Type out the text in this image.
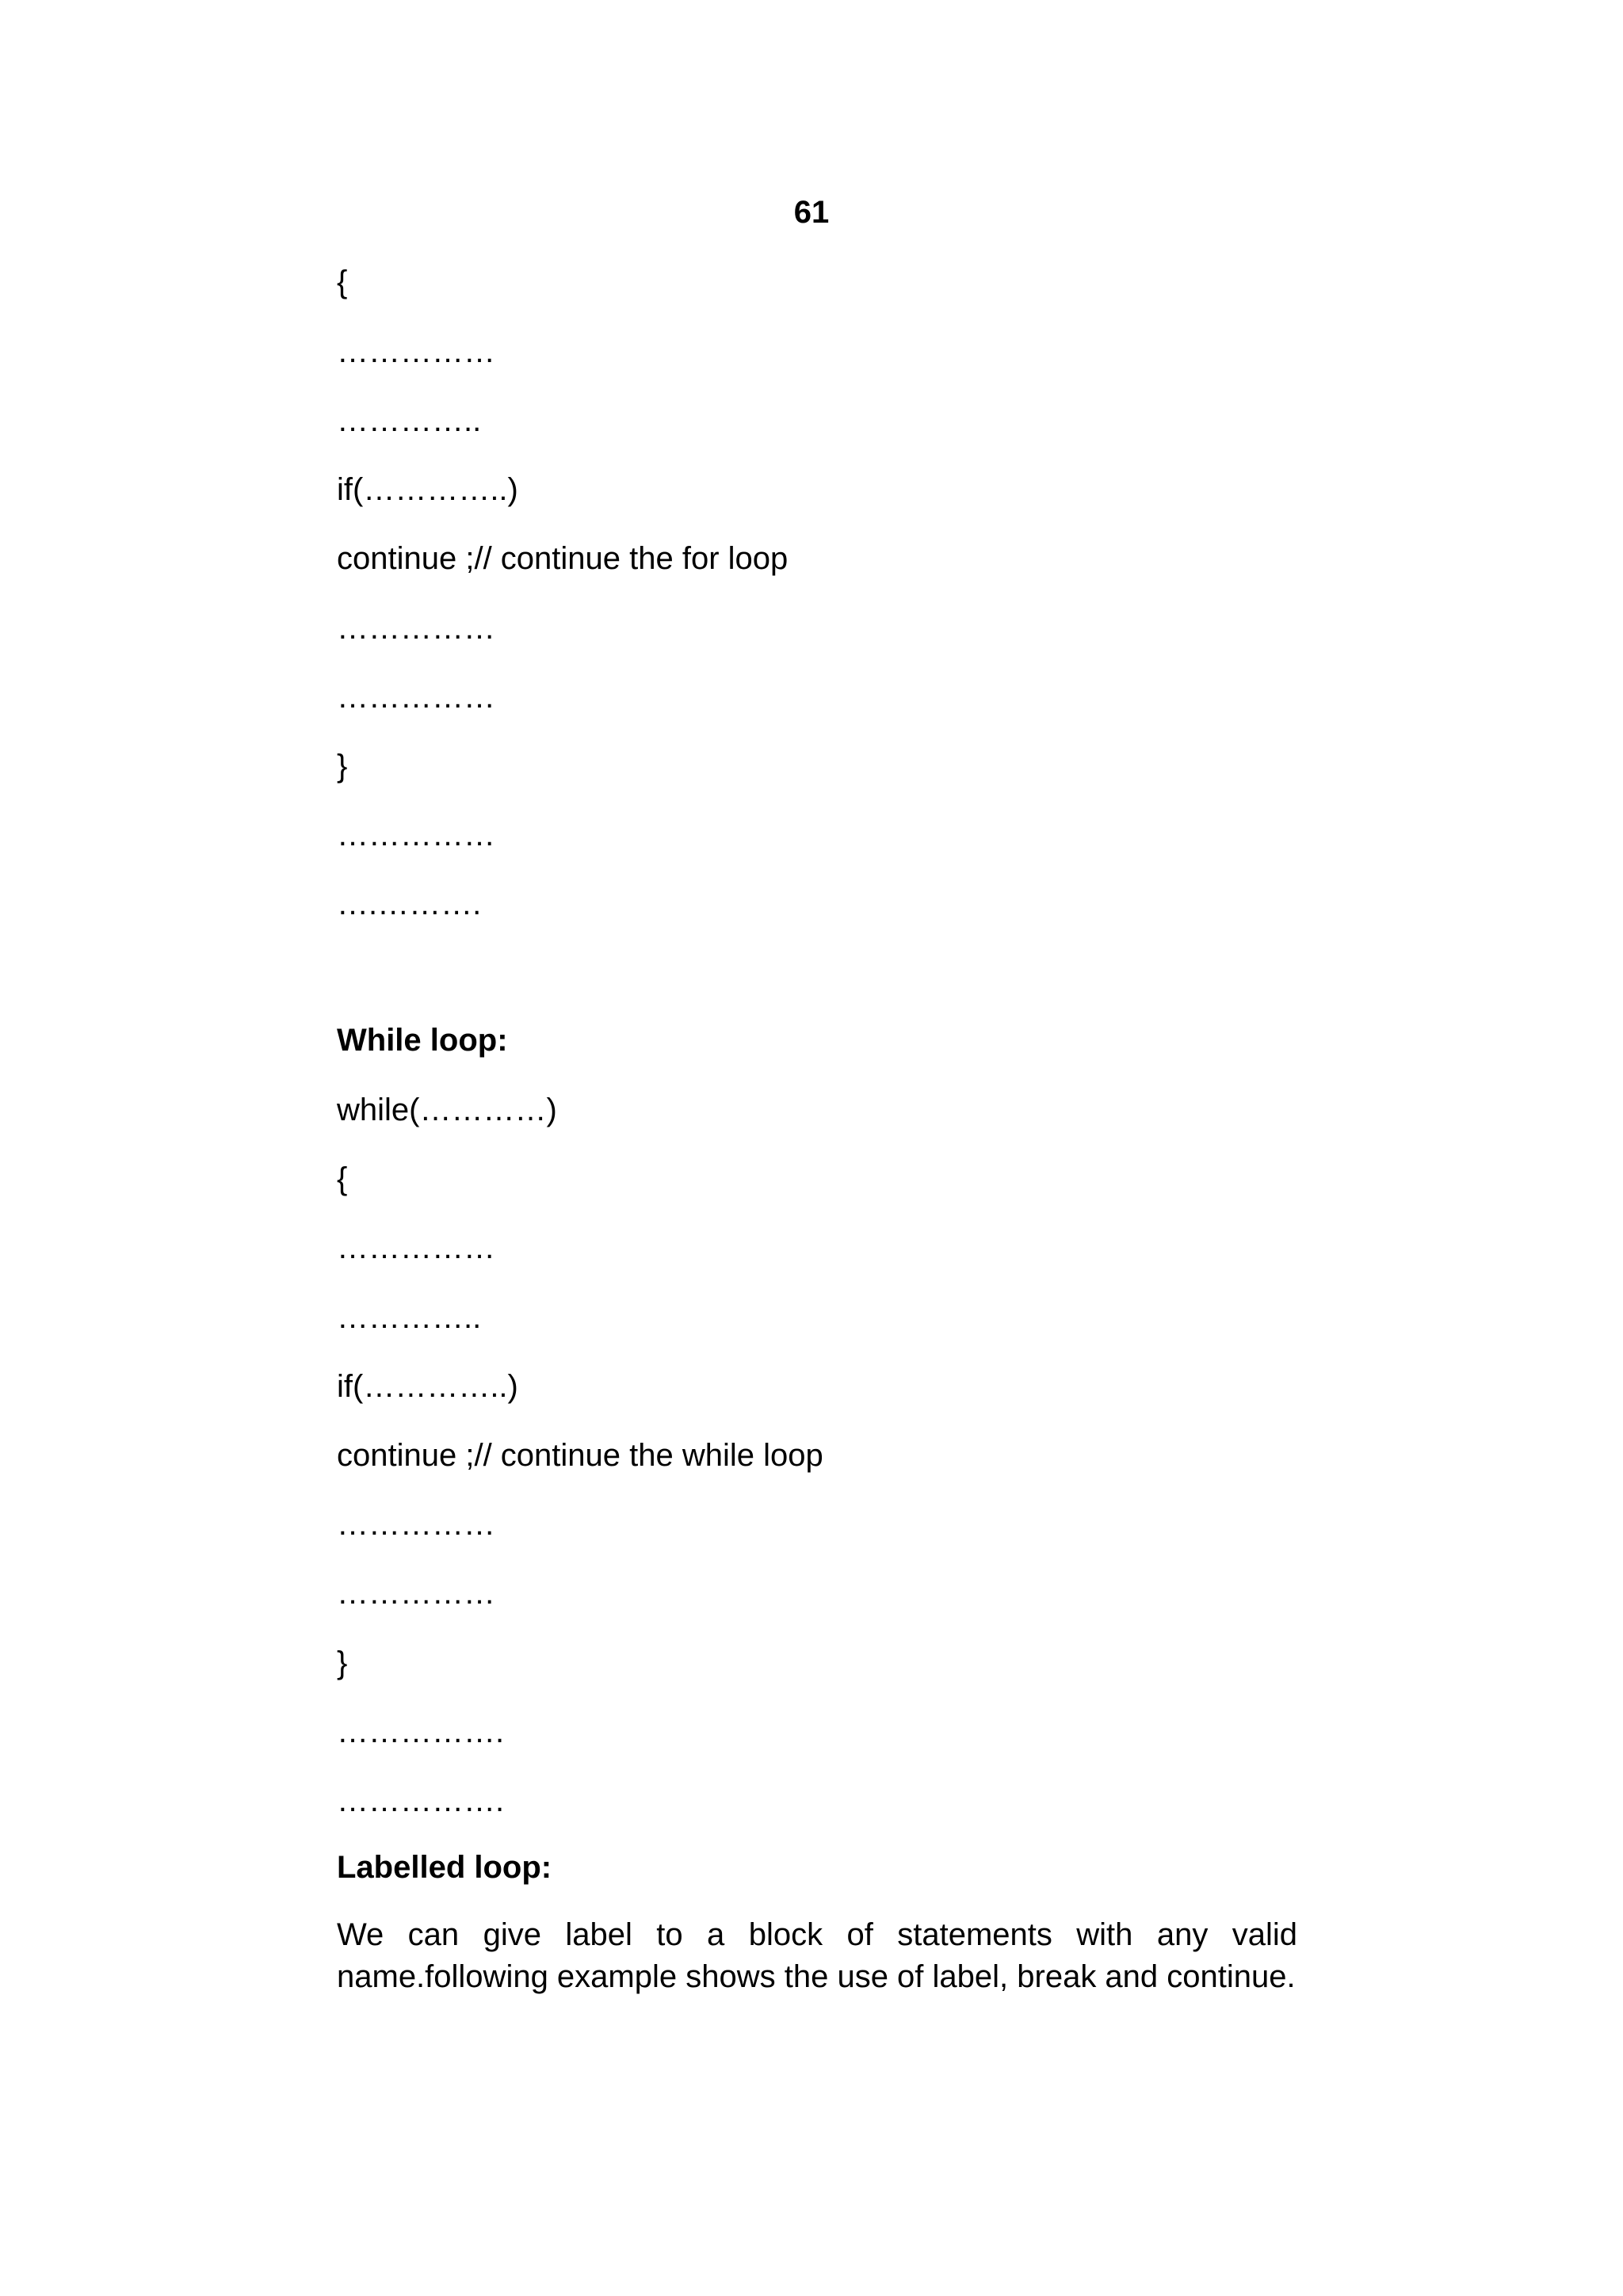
61
{
……………
…………..
if(…………..)
continue ;// continue the for loop
……………
……………
}
……………
….……….
While loop:
while(…………)
{
……………
…………..
if(…………..)
continue ;// continue the while loop
……………
……………
}
…………….
…………….
Labelled loop:
We can give label to a block of statements with any valid name.following example shows the use of label, break and continue.
